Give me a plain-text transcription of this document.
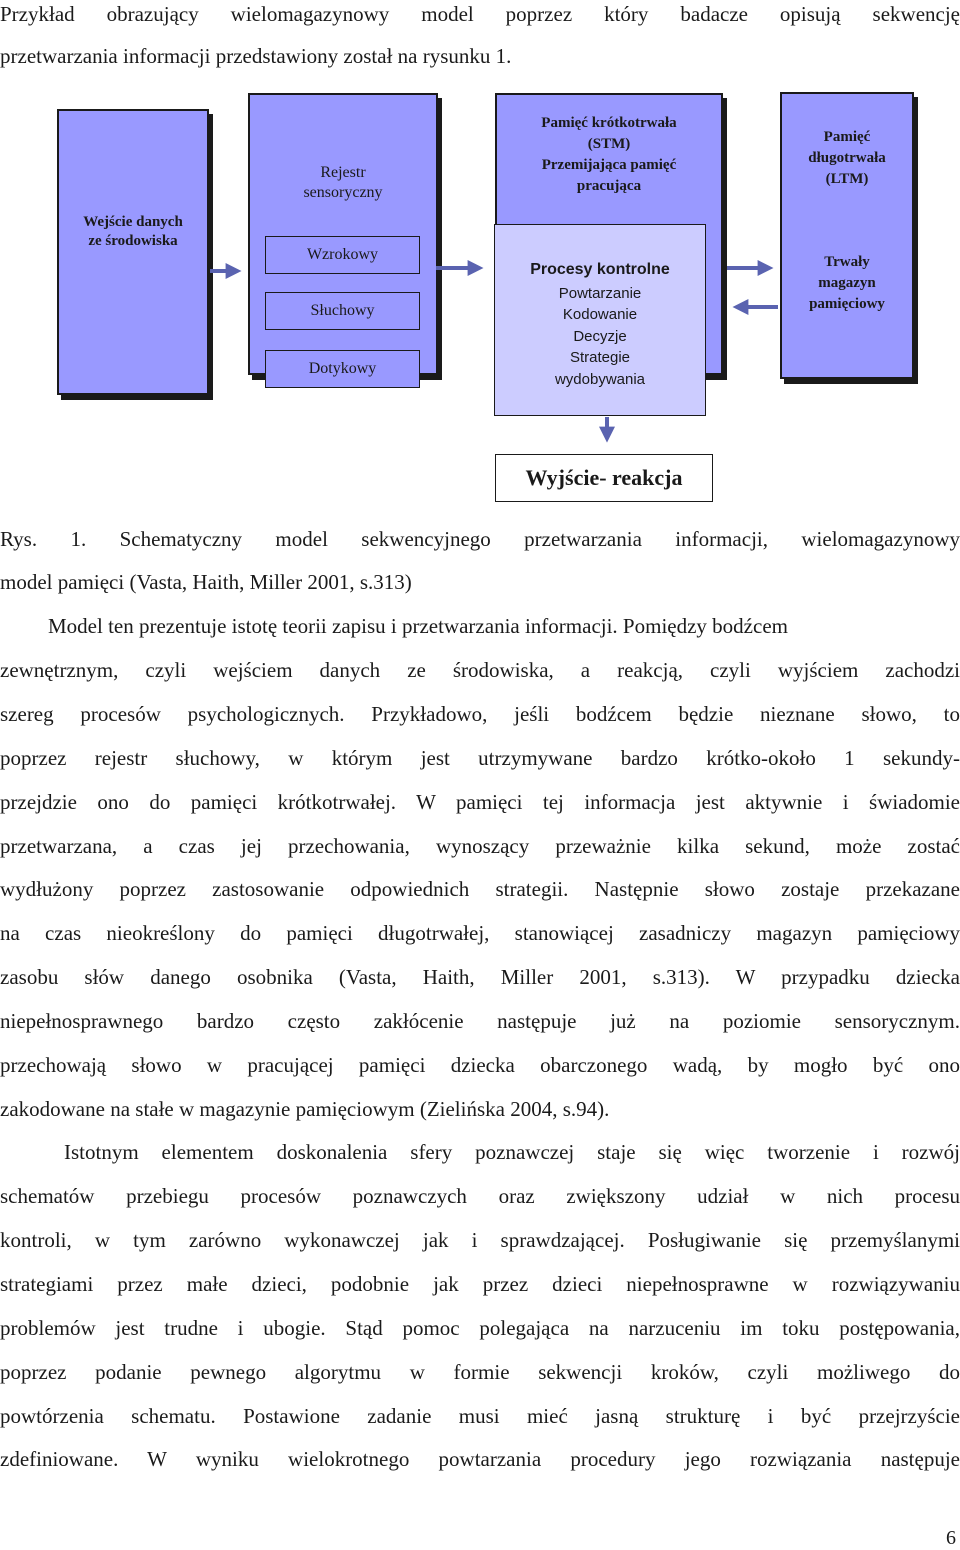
Przykład obrazujący wielomagazynowy model poprzez który badacze opisują sekwencję
przetwarzania informacji przedstawiony został na rysunku 1.
Wejście danych
ze środowiska
Rejestr
sensoryczny
Wzrokowy
Słuchowy
Dotykowy
Pamięć krótkotrwała
(STM)
Przemijająca pamięć
pracująca
Procesy kontrolne
Powtarzanie
Kodowanie
Decyzje
Strategie
wydobywania
Pamięć
długotrwała
(LTM)
Trwały
magazyn
pamięciowy
Wyjście- reakcja
Rys. 1. Schematyczny model sekwencyjnego przetwarzania informacji, wielomagazynowy
model pamięci (Vasta, Haith, Miller 2001, s.313)
Model ten prezentuje istotę teorii zapisu i przetwarzania informacji. Pomiędzy bodźcem
zewnętrznym, czyli wejściem danych ze środowiska, a reakcją, czyli wyjściem zachodzi
szereg procesów psychologicznych. Przykładowo, jeśli bodźcem będzie nieznane słowo, to
poprzez rejestr słuchowy, w którym jest utrzymywane bardzo krótko-około 1 sekundy-
przejdzie ono do pamięci krótkotrwałej. W pamięci tej informacja jest aktywnie i świadomie
przetwarzana, a czas jej przechowania, wynoszący przeważnie kilka sekund, może zostać
wydłużony poprzez zastosowanie odpowiednich strategii. Następnie słowo zostaje przekazane
na czas nieokreślony do pamięci długotrwałej, stanowiącej zasadniczy magazyn pamięciowy
zasobu słów danego osobnika (Vasta, Haith, Miller 2001, s.313). W przypadku dziecka
niepełnosprawnego bardzo często zakłócenie następuje już na poziomie sensorycznym.
przechowają słowo w pracującej pamięci dziecka obarczonego wadą, by mogło być ono
zakodowane na stałe w magazynie pamięciowym (Zielińska 2004, s.94).
Istotnym elementem doskonalenia sfery poznawczej staje się więc tworzenie i rozwój
schematów przebiegu procesów poznawczych oraz zwiększony udział w nich procesu
kontroli, w tym zarówno wykonawczej jak i sprawdzającej. Posługiwanie się przemyślanymi
strategiami przez małe dzieci, podobnie jak przez dzieci niepełnosprawne w rozwiązywaniu
problemów jest trudne i ubogie. Stąd pomoc polegająca na narzuceniu im toku postępowania,
poprzez podanie pewnego algorytmu w formie sekwencji kroków, czyli możliwego do
powtórzenia schematu. Postawione zadanie musi mieć jasną strukturę i być przejrzyście
zdefiniowane. W wyniku wielokrotnego powtarzania procedury jego rozwiązania następuje
6
